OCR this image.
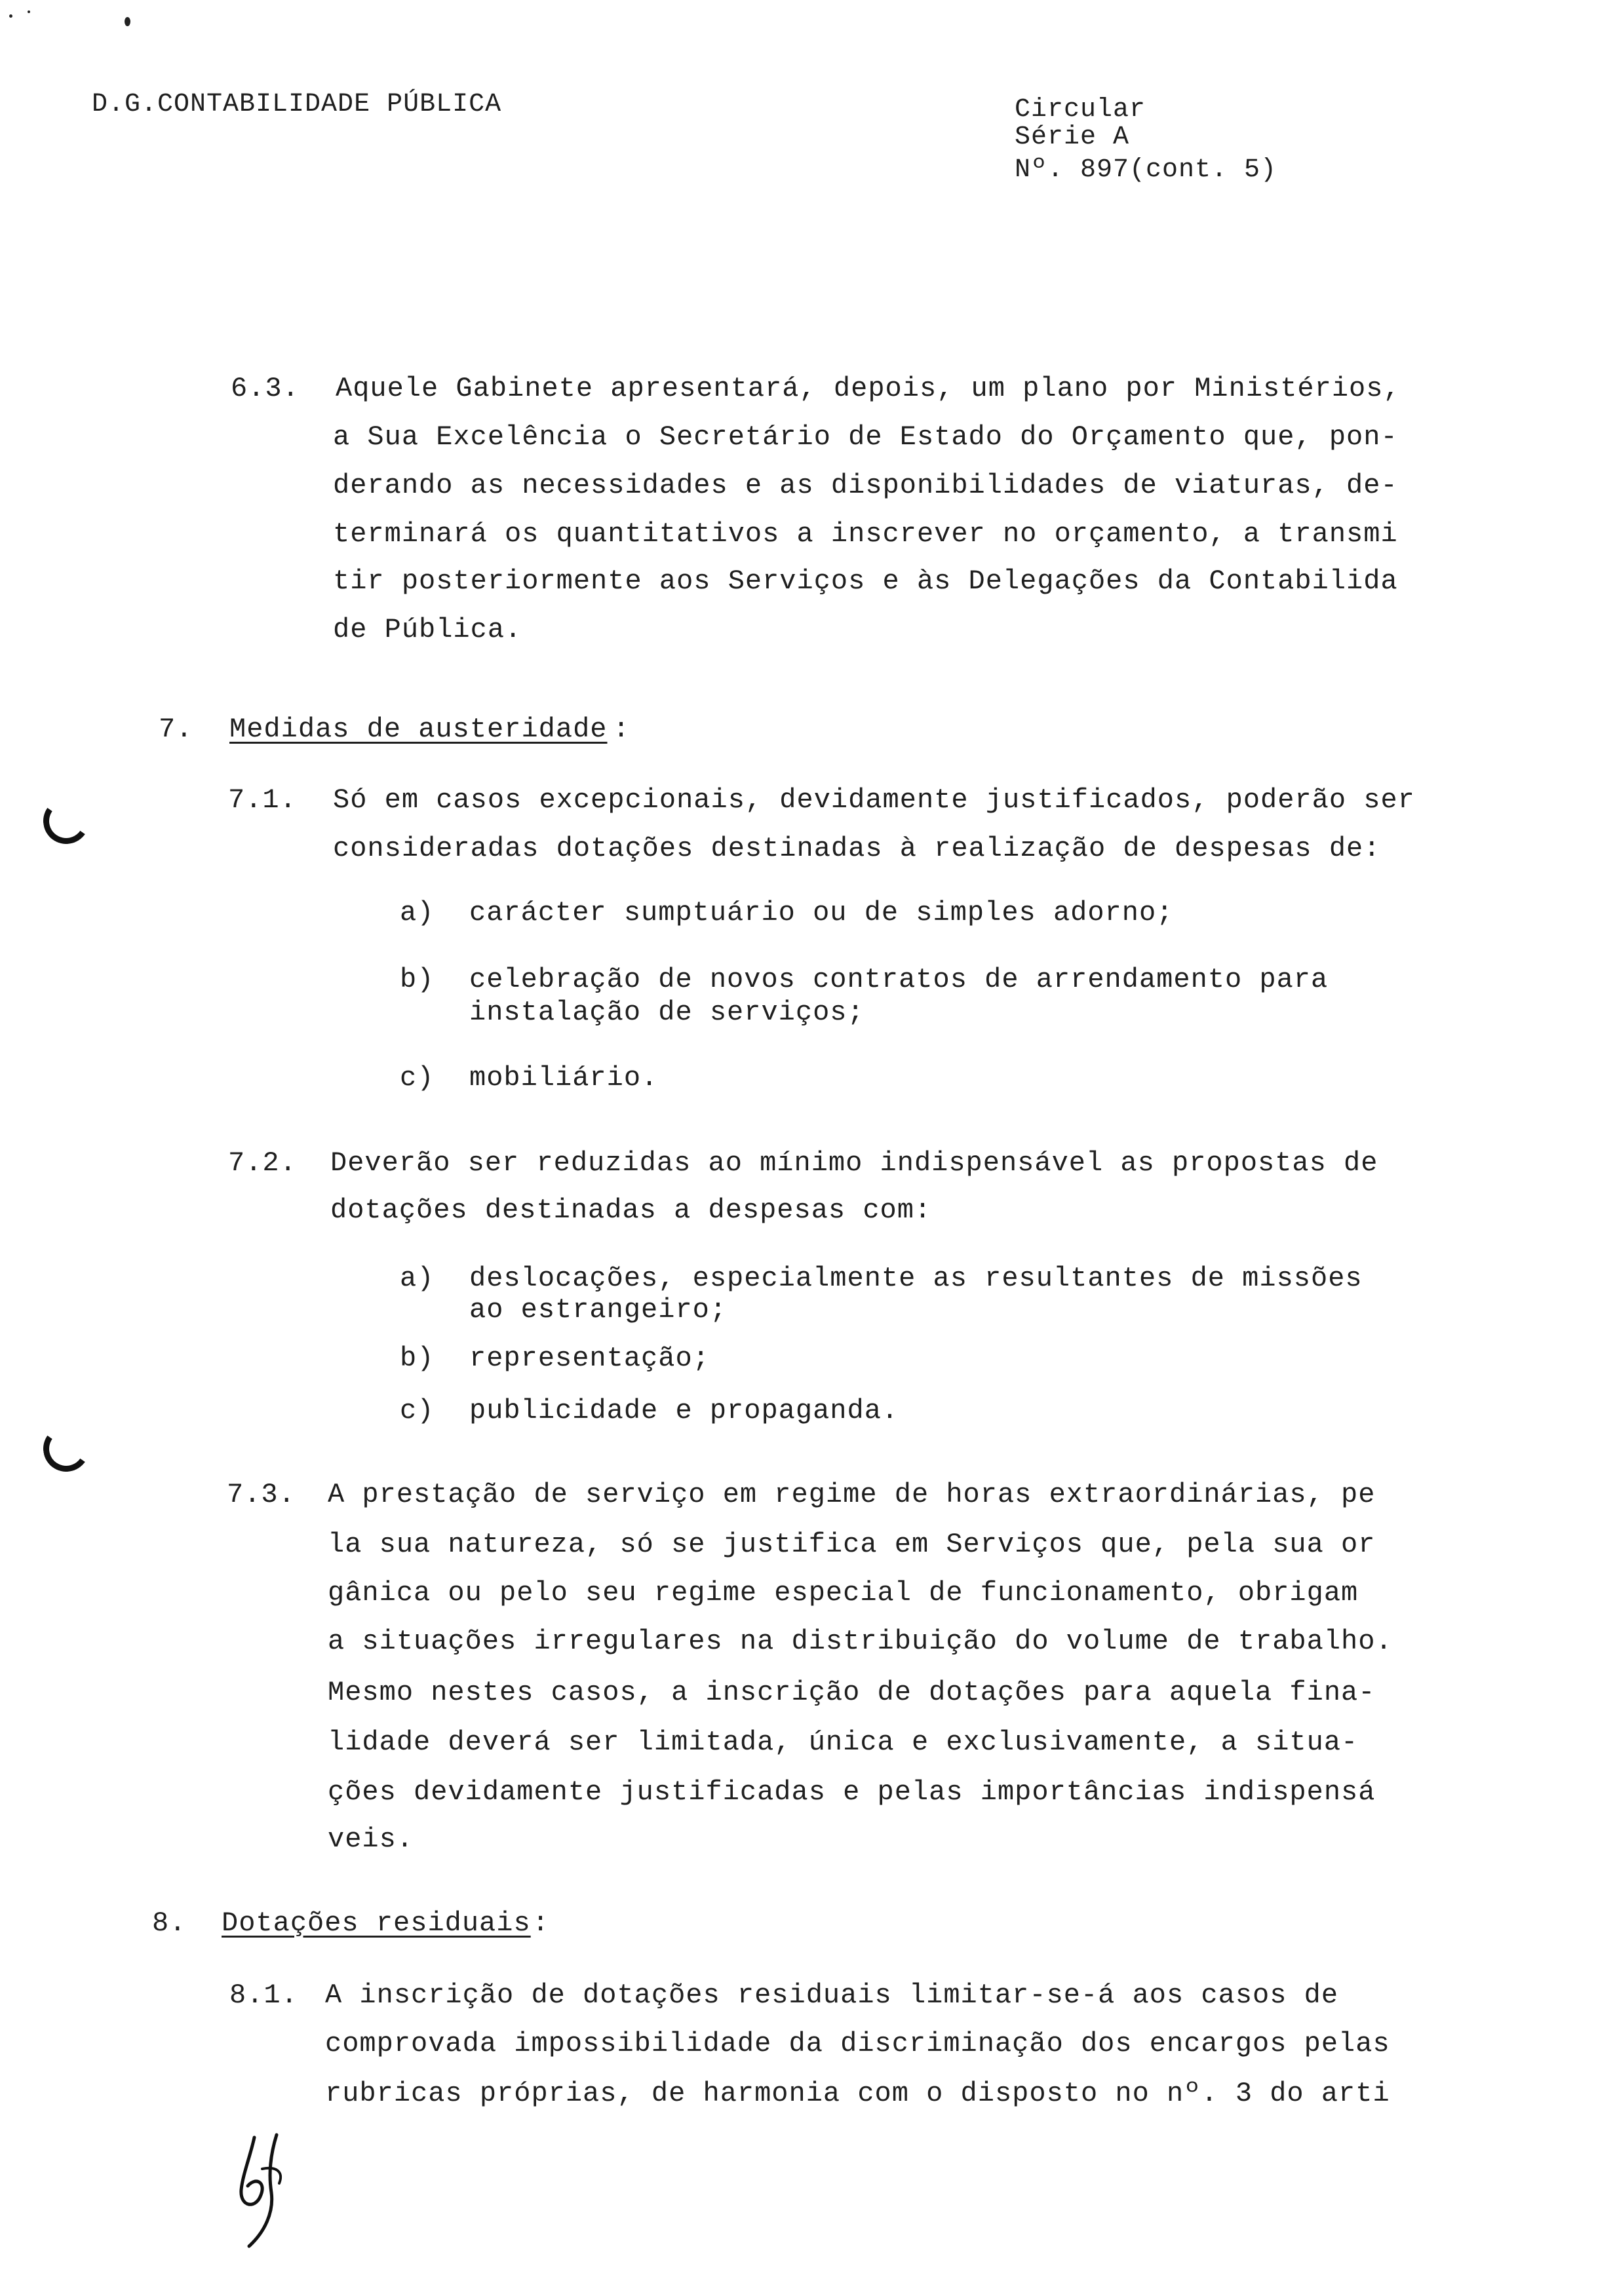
D.G.CONTABILIDADE PÚBLICA	Circular
Série A
Nº. 897(cont. 5)
6.3. Aquele Gabinete apresentará, depois, um plano por Ministérios,
a Sua Excelência o Secretário de Estado do Orçamento que, pon-
derando as necessidades e as disponibilidades de viaturas, de-
terminará os quantitativos a inscrever no orçamento, a transmi
tir posteriormente aos Serviços e às Delegações da Contabilida
de Pública.
7. Medidas de austeridade :
7.1. Só em casos excepcionais, devidamente justificados, poderão ser
consideradas dotações destinadas à realização de despesas de:
a) carácter sumptuário ou de simples adorno;
b) celebração de novos contratos de arrendamento para
instalação de serviços;
c) mobiliário.
7.2. Deverão ser reduzidas ao mínimo indispensável as propostas de
dotações destinadas a despesas com:
a) deslocações, especialmente as resultantes de missões
ao estrangeiro;
b) representação;
c) publicidade e propaganda.
7.3. A prestação de serviço em regime de horas extraordinárias, pe
la sua natureza, só se justifica em Serviços que, pela sua or
gânica ou pelo seu regime especial de funcionamento, obrigam
a situações irregulares na distribuição do volume de trabalho.
Mesmo nestes casos, a inscrição de dotações para aquela fina-
lidade deverá ser limitada, única e exclusivamente, a situa-
ções devidamente justificadas e pelas importâncias indispensá
veis.
8. Dotações residuais :
8.1. A inscrição de dotações residuais limitar-se-á aos casos de
comprovada impossibilidade da discriminação dos encargos pelas
rubricas próprias, de harmonia com o disposto no nº. 3 do arti
